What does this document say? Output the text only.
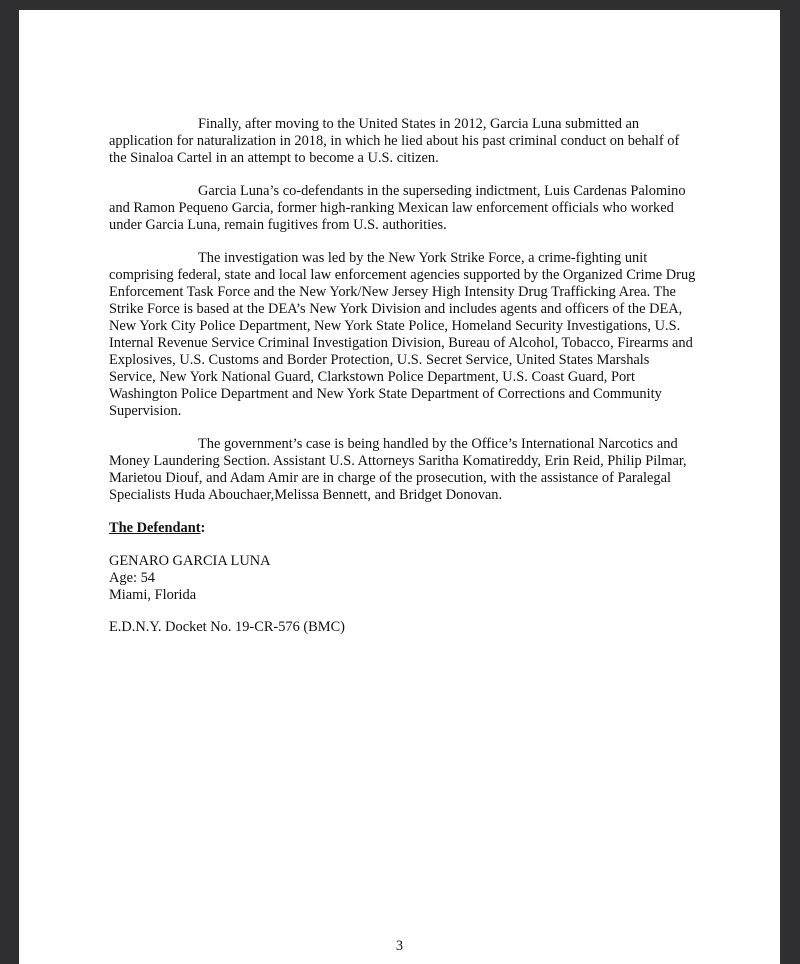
Finally, after moving to the United States in 2012, Garcia Luna submitted an application for naturalization in 2018, in which he lied about his past criminal conduct on behalf of the Sinaloa Cartel in an attempt to become a U.S. citizen.

Garcia Luna’s co-defendants in the superseding indictment, Luis Cardenas Palomino and Ramon Pequeno Garcia, former high-ranking Mexican law enforcement officials who worked under Garcia Luna, remain fugitives from U.S. authorities.

The investigation was led by the New York Strike Force, a crime-fighting unit comprising federal, state and local law enforcement agencies supported by the Organized Crime Drug Enforcement Task Force and the New York/New Jersey High Intensity Drug Trafficking Area. The Strike Force is based at the DEA’s New York Division and includes agents and officers of the DEA, New York City Police Department, New York State Police, Homeland Security Investigations, U.S. Internal Revenue Service Criminal Investigation Division, Bureau of Alcohol, Tobacco, Firearms and Explosives, U.S. Customs and Border Protection, U.S. Secret Service, United States Marshals Service, New York National Guard, Clarkstown Police Department, U.S. Coast Guard, Port Washington Police Department and New York State Department of Corrections and Community Supervision.

The government’s case is being handled by the Office’s International Narcotics and Money Laundering Section. Assistant U.S. Attorneys Saritha Komatireddy, Erin Reid, Philip Pilmar, Marietou Diouf, and Adam Amir are in charge of the prosecution, with the assistance of Paralegal Specialists Huda Abouchaer,Melissa Bennett, and Bridget Donovan.

The Defendant:
GENARO GARCIA LUNA
Age: 54
Miami, Florida
E.D.N.Y. Docket No. 19-CR-576 (BMC)
3
